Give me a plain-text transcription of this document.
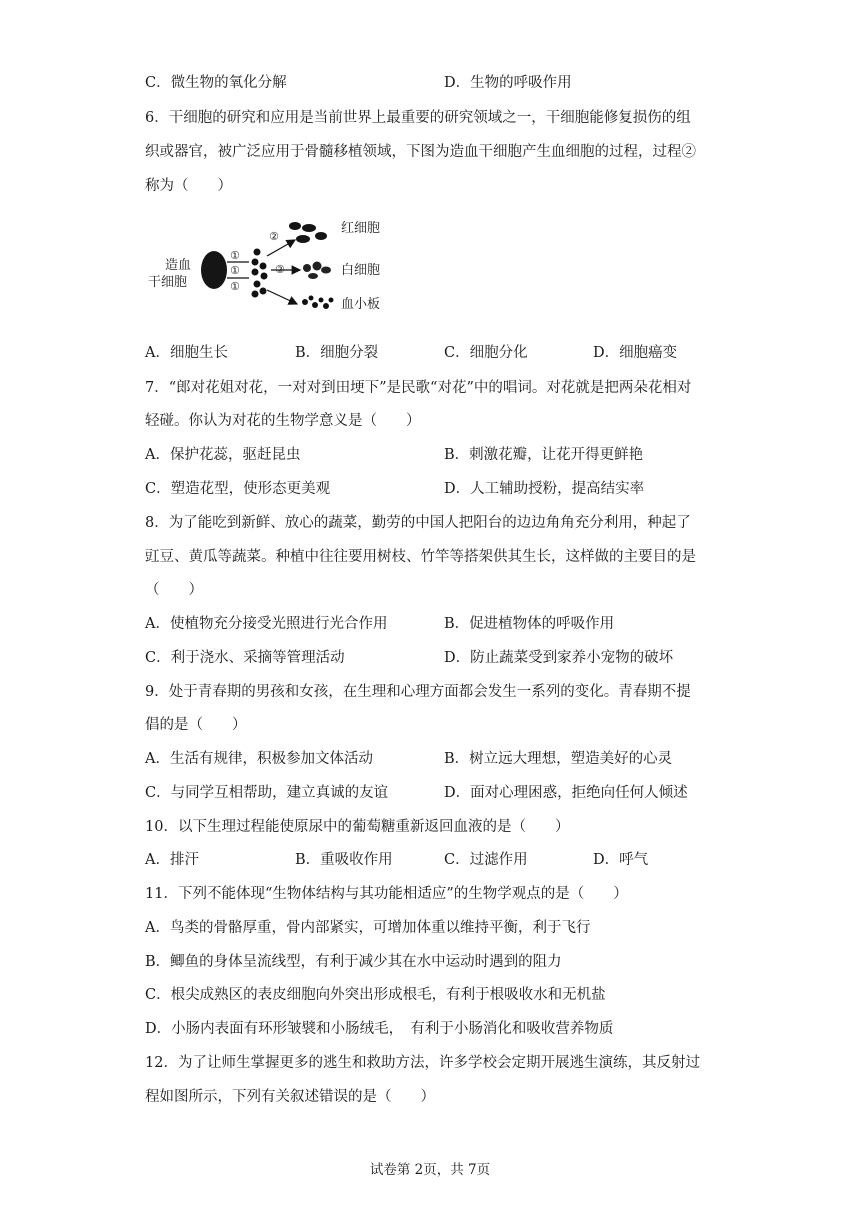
C．微生物的氧化分解	D．生物的呼吸作用
6．干细胞的研究和应用是当前世界上最重要的研究领域之一，干细胞能修复损伤的组
织或器官，被广泛应用于骨髓移植领域，下图为造血干细胞产生血细胞的过程，过程②
称为（　　）
造血
干细胞
①
①
①
②
②
红细胞
白细胞
血小板
A．细胞生长	B．细胞分裂	C．细胞分化	D．细胞癌变
7．“郎对花姐对花，一对对到田埂下”是民歌“对花”中的唱词。对花就是把两朵花相对
轻碰。你认为对花的生物学意义是（　　）
A．保护花蕊，驱赶昆虫	B．刺激花瓣，让花开得更鲜艳
C．塑造花型，使形态更美观	D．人工辅助授粉，提高结实率
8．为了能吃到新鲜、放心的蔬菜，勤劳的中国人把阳台的边边角角充分利用，种起了
豇豆、黄瓜等蔬菜。种植中往往要用树枝、竹竿等搭架供其生长，这样做的主要目的是
（　　）
A．使植物充分接受光照进行光合作用	B．促进植物体的呼吸作用
C．利于浇水、采摘等管理活动	D．防止蔬菜受到家养小宠物的破坏
9．处于青春期的男孩和女孩，在生理和心理方面都会发生一系列的变化。青春期不提
倡的是（　　）
A．生活有规律，积极参加文体活动	B．树立远大理想，塑造美好的心灵
C．与同学互相帮助，建立真诚的友谊	D．面对心理困惑，拒绝向任何人倾述
10．以下生理过程能使原尿中的葡萄糖重新返回血液的是（　　）
A．排汗	B．重吸收作用	C．过滤作用	D．呼气
11．下列不能体现“生物体结构与其功能相适应”的生物学观点的是（　　）
A．鸟类的骨骼厚重，骨内部紧实，可增加体重以维持平衡，利于飞行
B．鲫鱼的身体呈流线型，有利于减少其在水中运动时遇到的阻力
C．根尖成熟区的表皮细胞向外突出形成根毛，有利于根吸收水和无机盐
D．小肠内表面有环形皱襞和小肠绒毛，　有利于小肠消化和吸收营养物质
12．为了让师生掌握更多的逃生和救助方法，许多学校会定期开展逃生演练，其反射过
程如图所示，下列有关叙述错误的是（　　）
试卷第 2页，共 7页
